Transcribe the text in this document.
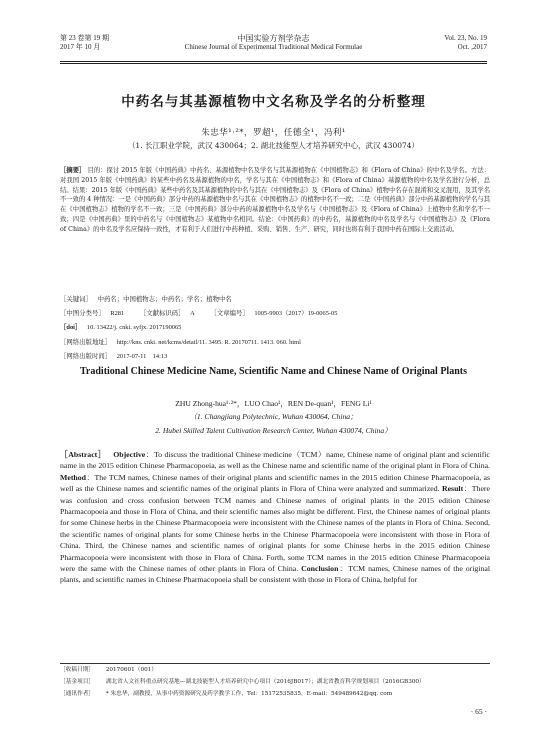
第 23 卷第 19 期
2017 年 10 月
中国实验方剂学杂志
Chinese Journal of Experimental Traditional Medical Formulae
Vol. 23, No. 19
Oct. ,2017
中药名与其基源植物中文名称及学名的分析整理
朱忠华¹·²*，罗超¹，任德全¹，冯利¹
（1. 长江职业学院，武汉 430064；2. 湖北技能型人才培养研究中心，武汉 430074）
［摘要］ 目的：探讨 2015 年版《中国药典》中药名、基源植物中名及学名与其基源植物在《中国植物志》和《Flora of China》的中名及学名。方法：对我国 2015 年版《中国药典》的某些中药名及基源植物的中名，学名与其在《中国植物志》和《Flora of China》基源植物的中名及学名进行分析，总结。结果：2015 年版《中国药典》某些中药名及其基源植物的中名与其在《中国植物志》及《Flora of China》植物中名存在混淆和交叉混用，及其学名不一致的 4 种情况：一是《中国药典》部分中药的基源植物中名与其在《中国植物志》的植物中名不一致；二是《中国药典》部分中药基源植物的学名与其在《中国植物志》植物的学名不一致；三是《中国药典》部分中药的基源植物中名及学名与《中国植物志》及《Flora of China》上植物中名和学名不一致；四是《中国药典》里的中药名与《中国植物志》某植物中名相同。结论：《中国药典》的中药名，基源植物的中名及学名与《中国植物志》及《Flora of China》的中名及学名应保持一致性，才有利于人们进行中药种植、采购、销售、生产、研究，同时也将有利于我国中药在国际上交流活动。
［关键词］ 中药名；中国植物志；中药名；学名；植物中名
［中图分类号］ R281 ［文献标识码］ A ［文章编号］ 1005-9903（2017）19-0065-05
［doi］ 10. 13422/j. cnki. syfjx. 2017190065
［网络出版地址］ http://kns. cnki. net/kcms/detail/11. 3495. R. 20170711. 1413. 060. html
［网络出版时间］ 2017-07-11　14:13
Traditional Chinese Medicine Name, Scientific Name and Chinese Name of Original Plants
ZHU Zhong-hua¹·²*，LUO Chao¹，REN De-quan¹，FENG Li¹
（1. Changjiang Polytechnic, Wuhan 430064, China；
2. Hubei Skilled Talent Cultivation Research Center, Wuhan 430074, China）
［Abstract］ Objective：To discuss the traditional Chinese medicine（TCM）name, Chinese name of original plant and scientific name in the 2015 edition Chinese Pharmacopoeia, as well as the Chinese name and scientific name of the original plant in Flora of China. Method：The TCM names, Chinese names of their original plants and scientific names in the 2015 edition Chinese Pharmacopoeia, as well as the Chinese names and scientific names of the original plants in Flora of China were analyzed and summarized. Result：There was confusion and cross confusion between TCM names and Chinese names of original plants in the 2015 edition Chinese Pharmacopoeia and those in Flora of China, and their scientific names also might be different. First, the Chinese names of original plants for some Chinese herbs in the Chinese Pharmacopoeia were inconsistent with the Chinese names of the plants in Flora of China. Second, the scientific names of original plants for some Chinese herbs in the Chinese Pharmacopoeia were inconsistent with those in Flora of China. Third, the Chinese names and scientific names of original plants for some Chinese herbs in the 2015 edition Chinese Pharmacopoeia were inconsistent with those in Flora of China. Forth, some TCM names in the 2015 edition Chinese Pharmacopoeia were the same with the Chinese names of other plants in Flora of China. Conclusion：TCM names, Chinese names of the original plants, and scientific names in Chinese Pharmacopoeia shall be consistent with those in Flora of China, helpful for
［收稿日期］ 20170601（001）
［基金项目］ 湖北省人文社科重点研究基地—湖北技能型人才培养研究中心项目（2016JB017）；湖北省教育科学规划项目（2016GB300）
［通讯作者］ * 朱忠华，副教授，从事中药资源研究及药学教学工作，Tel：15172535835，E-mail：549489642@qq. com
· 65 ·
